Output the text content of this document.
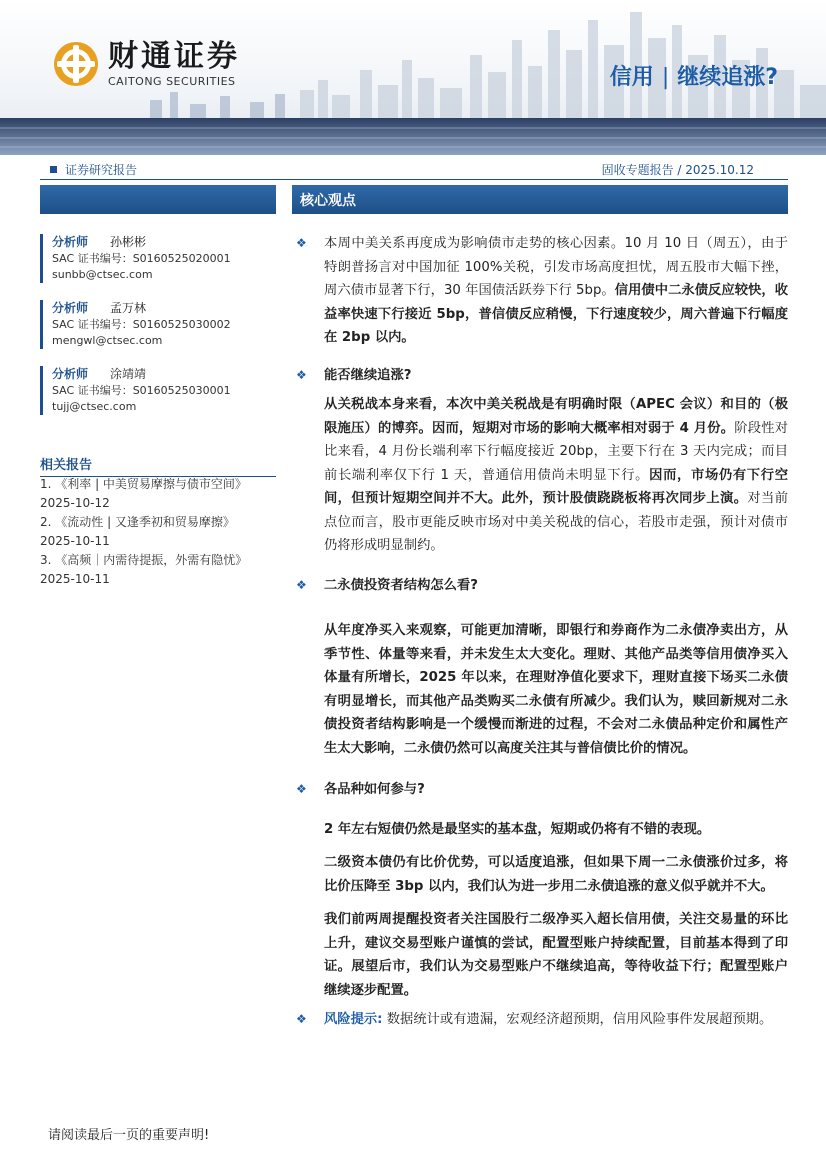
财通证券
CAITONG SECURITIES	信用 | 继续追涨?
证券研究报告	固收专题报告 / 2025.10.12
分析师 孙彬彬
SAC 证书编号：S0160525020001
sunbb@ctsec.com
分析师 孟万林
SAC 证书编号：S0160525030002
mengwl@ctsec.com
分析师 涂靖靖
SAC 证书编号：S0160525030001
tujj@ctsec.com
相关报告
1. 《利率 | 中美贸易摩擦与债市空间》
2025-10-12
2. 《流动性 | 又逢季初和贸易摩擦》
2025-10-11
3. 《高频｜内需待提振，外需有隐忧》
2025-10-11
核心观点
❖ 本周中美关系再度成为影响债市走势的核心因素。10 月 10 日（周五），由于特朗普扬言对中国加征 100%关税，引发市场高度担忧，周五股市大幅下挫，周六债市显著下行，30 年国债活跃券下行 5bp。信用债中二永债反应较快，收益率快速下行接近 5bp，普信债反应稍慢，下行速度较少，周六普遍下行幅度在 2bp 以内。
❖ 能否继续追涨?
从关税战本身来看，本次中美关税战是有明确时限（APEC 会议）和目的（极限施压）的博弈。因而，短期对市场的影响大概率相对弱于 4 月份。阶段性对比来看，4 月份长端利率下行幅度接近 20bp，主要下行在 3 天内完成；而目前长端利率仅下行 1 天，普通信用债尚未明显下行。因而，市场仍有下行空间，但预计短期空间并不大。此外，预计股债跷跷板将再次同步上演。对当前点位而言，股市更能反映市场对中美关税战的信心，若股市走强，预计对债市仍将形成明显制约。
❖ 二永债投资者结构怎么看?
从年度净买入来观察，可能更加清晰，即银行和券商作为二永债净卖出方，从季节性、体量等来看，并未发生太大变化。理财、其他产品类等信用债净买入体量有所增长，2025 年以来，在理财净值化要求下，理财直接下场买二永债有明显增长，而其他产品类购买二永债有所减少。我们认为，赎回新规对二永债投资者结构影响是一个缓慢而渐进的过程，不会对二永债品种定价和属性产生太大影响，二永债仍然可以高度关注其与普信债比价的情况。
❖ 各品种如何参与?
2 年左右短债仍然是最坚实的基本盘，短期或仍将有不错的表现。
二级资本债仍有比价优势，可以适度追涨，但如果下周一二永债涨价过多，将比价压降至 3bp 以内，我们认为进一步用二永债追涨的意义似乎就并不大。
我们前两周提醒投资者关注国股行二级净买入超长信用债，关注交易量的环比上升，建议交易型账户谨慎的尝试，配置型账户持续配置，目前基本得到了印证。展望后市，我们认为交易型账户不继续追高，等待收益下行；配置型账户继续逐步配置。
❖ 风险提示: 数据统计或有遗漏，宏观经济超预期，信用风险事件发展超预期。
请阅读最后一页的重要声明!
